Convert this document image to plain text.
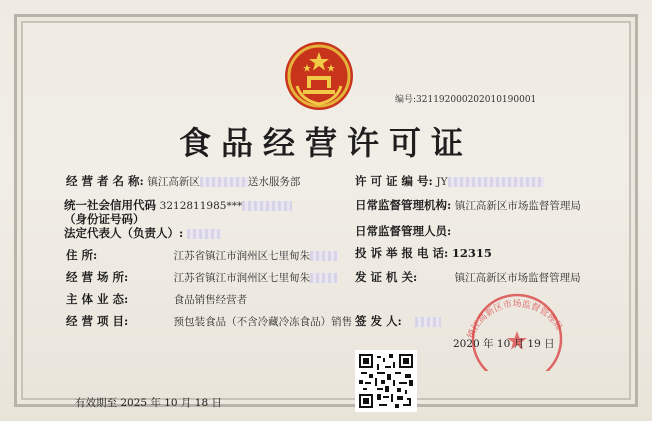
编号:32119200020201019000​1
食品经营许可证
经 营 者 名 称: 镇江高新区	送水服务部
统一社会信用代码 3212811985***
（身份证号码）
法定代表人（负责人）:
住 所:	江苏省镇江市润州区七里甸朱
经 营 场 所:	江苏省镇江市润州区七里甸朱
主 体 业 态:	食品销售经营者
经 营 项 目:	预包装食品（不含冷藏冷冻食品）销售
许 可 证 编 号: JY
日常监督管理机构: 镇江高新区市场监督管理局
日常监督管理人员:
投 诉 举 报 电 话: 12315
发 证 机 关:	镇江高新区市场监督管理局
签 发 人:
镇江高新区市场监督管理局
2020 年 10 月 19 日
有效期至 2025 年 10 月 18 日
